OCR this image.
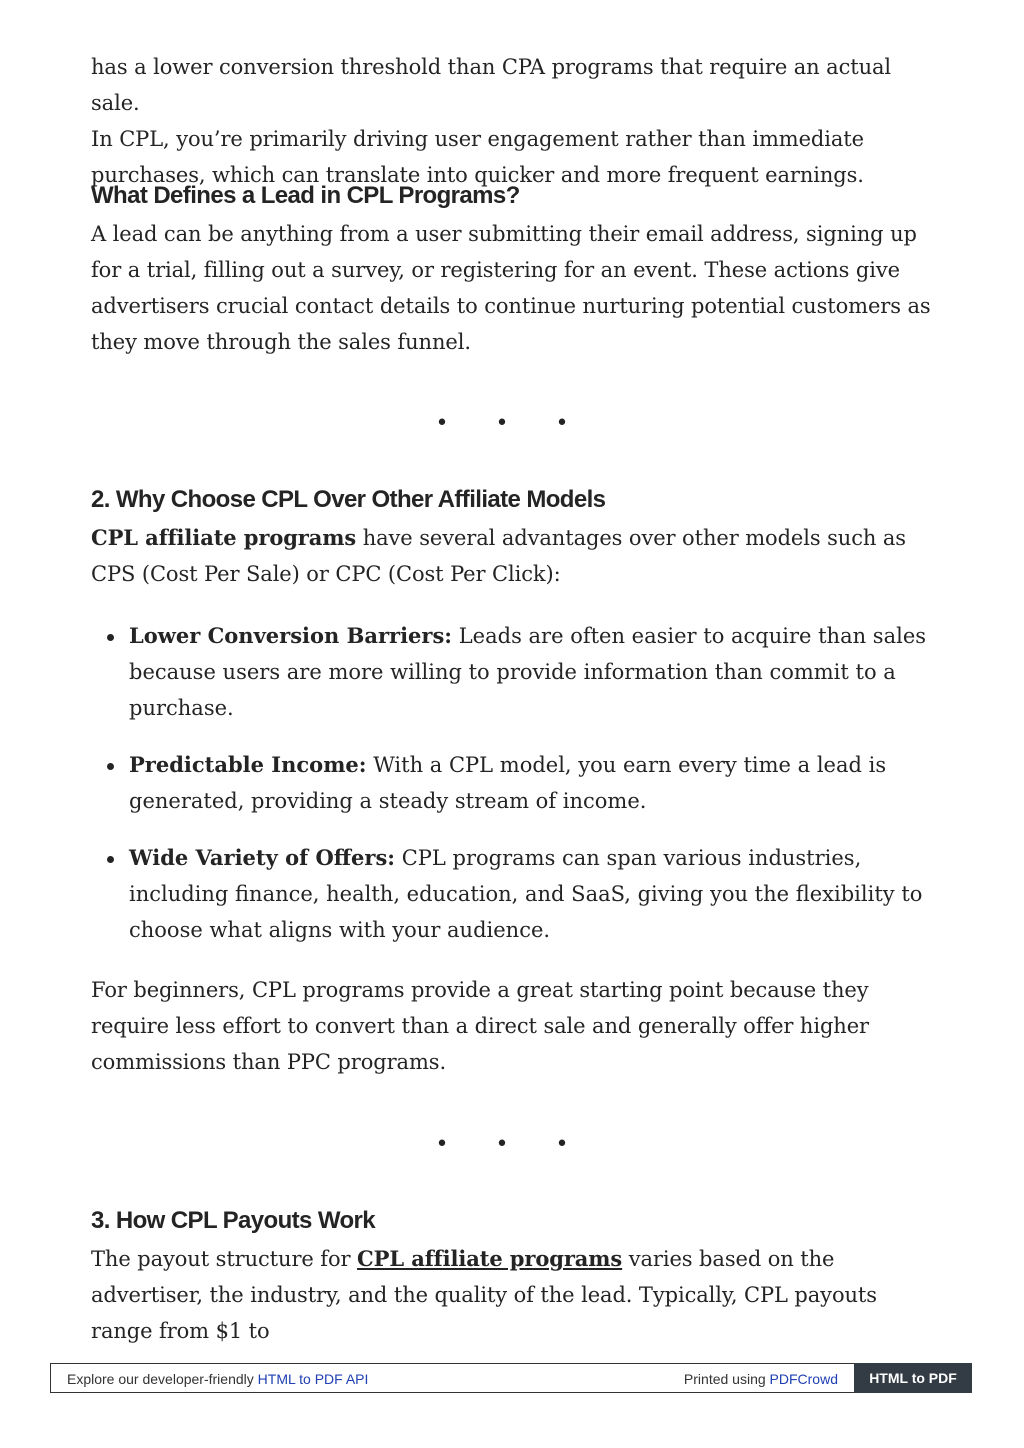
has a lower conversion threshold than CPA programs that require an actual sale.

In CPL, you’re primarily driving user engagement rather than immediate

purchases, which can translate into quicker and more frequent earnings.

What Defines a Lead in CPL Programs?

A lead can be anything from a user submitting their email address, signing up for a trial, filling out a survey, or registering for an event. These actions give advertisers crucial contact details to continue nurturing potential customers as they move through the sales funnel.

• • •
2. Why Choose CPL Over Other Affiliate Models

CPL affiliate programs have several advantages over other models such as CPS (Cost Per Sale) or CPC (Cost Per Click):

Lower Conversion Barriers: Leads are often easier to acquire than sales because users are more willing to provide information than commit to a purchase.
Predictable Income: With a CPL model, you earn every time a lead is generated, providing a steady stream of income.
Wide Variety of Offers: CPL programs can span various industries, including finance, health, education, and SaaS, giving you the flexibility to choose what aligns with your audience.

For beginners, CPL programs provide a great starting point because they require less effort to convert than a direct sale and generally offer higher commissions than PPC programs.

• • •
3. How CPL Payouts Work

The payout structure for CPL affiliate programs varies based on the advertiser, the industry, and the quality of the lead. Typically, CPL payouts range from $1 to

Explore our developer-friendly HTML to PDF API	Printed using PDFCrowd	HTML to PDF
